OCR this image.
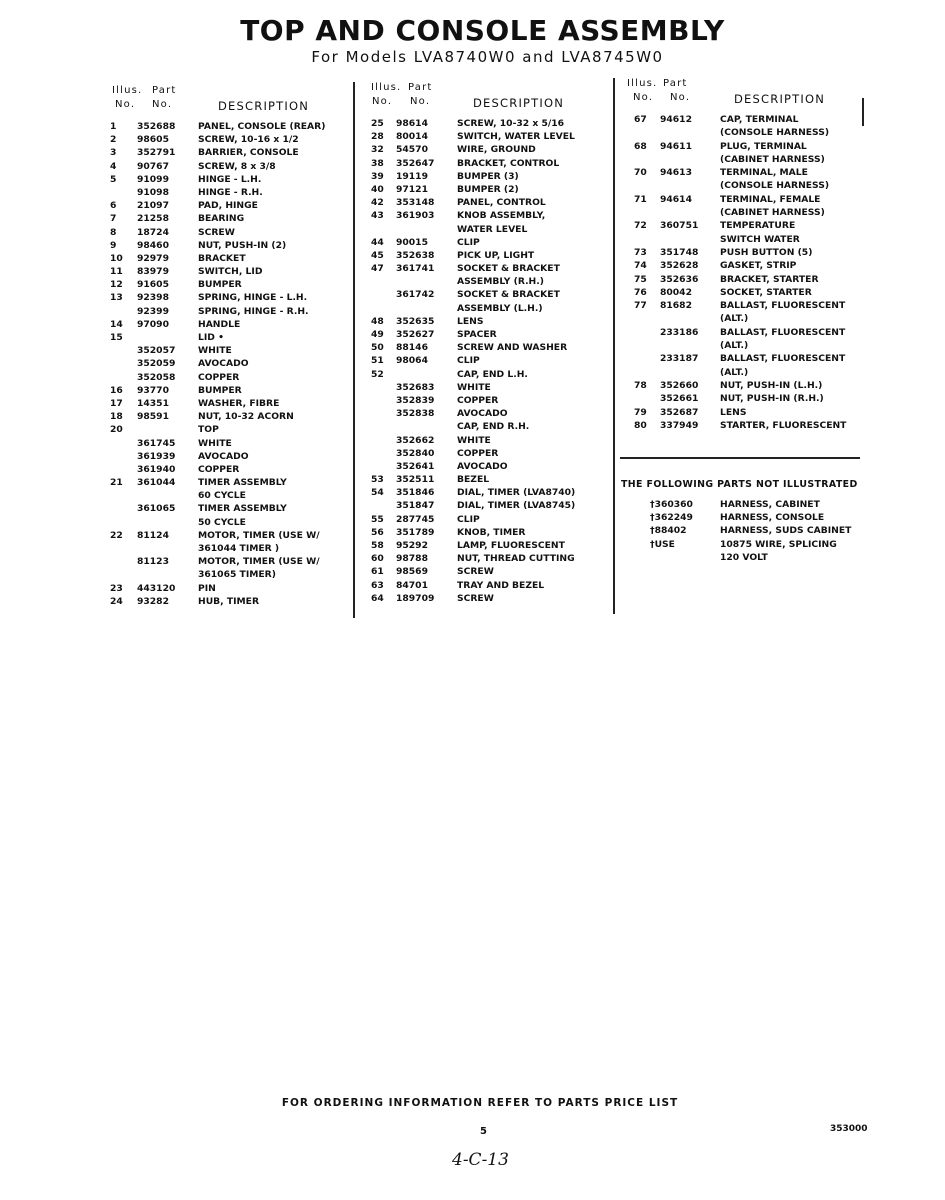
TOP AND CONSOLE ASSEMBLY
For Models LVA8740W0 and LVA8745W0
Illus. Part
No. No.	DESCRIPTION
1	352688 PANEL, CONSOLE (REAR)
2	98605	SCREW, 10-16 x 1/2
3	352791 BARRIER, CONSOLE
4	90767	SCREW, 8 x 3/8
5	91099	HINGE - L.H.
91098	HINGE - R.H.
6	21097	PAD, HINGE
7	21258	BEARING
8	18724	SCREW
9	98460	NUT, PUSH-IN (2)
10	92979	BRACKET
11	83979	SWITCH, LID
12	91605	BUMPER
13	92398	SPRING, HINGE - L.H.
92399	SPRING, HINGE - R.H.
14	97090	HANDLE
15	LID •
352057 WHITE
352059 AVOCADO
352058 COPPER
16	93770	BUMPER
17	14351	WASHER, FIBRE
18	98591	NUT, 10-32 ACORN
20	TOP
361745 WHITE
361939 AVOCADO
361940 COPPER
21	361044 TIMER ASSEMBLY
60 CYCLE
361065 TIMER ASSEMBLY
50 CYCLE
22	81124	MOTOR, TIMER (USE W/
361044 TIMER )
81123	MOTOR, TIMER (USE W/
361065 TIMER)
23	443120 PIN
24	93282	HUB, TIMER
Illus. Part
No. No.	DESCRIPTION
25	98614	SCREW, 10-32 x 5/16
28	80014	SWITCH, WATER LEVEL
32	54570	WIRE, GROUND
38	352647 BRACKET, CONTROL
39	19119	BUMPER (3)
40	97121	BUMPER (2)
42	353148 PANEL, CONTROL
43	361903 KNOB ASSEMBLY,
WATER LEVEL
44	90015	CLIP
45	352638 PICK UP, LIGHT
47	361741 SOCKET & BRACKET
ASSEMBLY (R.H.)
361742 SOCKET & BRACKET
ASSEMBLY (L.H.)
48	352635 LENS
49	352627 SPACER
50	88146	SCREW AND WASHER
51	98064	CLIP
52	CAP, END L.H.
352683 WHITE
352839 COPPER
352838 AVOCADO
CAP, END R.H.
352662 WHITE
352840 COPPER
352641 AVOCADO
53	352511 BEZEL
54	351846 DIAL, TIMER (LVA8740)
351847 DIAL, TIMER (LVA8745)
55	287745 CLIP
56	351789 KNOB, TIMER
58	95292	LAMP, FLUORESCENT
60	98788	NUT, THREAD CUTTING
61	98569	SCREW
63	84701	TRAY AND BEZEL
64	189709 SCREW
Illus. Part
No. No.	DESCRIPTION
67	94612	CAP, TERMINAL
(CONSOLE HARNESS)
68	94611	PLUG, TERMINAL
(CABINET HARNESS)
70	94613	TERMINAL, MALE
(CONSOLE HARNESS)
71	94614	TERMINAL, FEMALE
(CABINET HARNESS)
72	360751 TEMPERATURE
SWITCH WATER
73	351748 PUSH BUTTON (5)
74	352628 GASKET, STRIP
75	352636 BRACKET, STARTER
76	80042	SOCKET, STARTER
77	81682	BALLAST, FLUORESCENT
(ALT.)
233186 BALLAST, FLUORESCENT
(ALT.)
233187 BALLAST, FLUORESCENT
(ALT.)
78	352660 NUT, PUSH-IN (L.H.)
352661 NUT, PUSH-IN (R.H.)
79	352687 LENS
80	337949 STARTER, FLUORESCENT
THE FOLLOWING PARTS NOT ILLUSTRATED
†360360	HARNESS, CABINET
†362249	HARNESS, CONSOLE
†88402	HARNESS, SUDS CABINET
†USE	10875 WIRE, SPLICING
120 VOLT
FOR ORDERING INFORMATION REFER TO PARTS PRICE LIST
5	353000
4-C-13
